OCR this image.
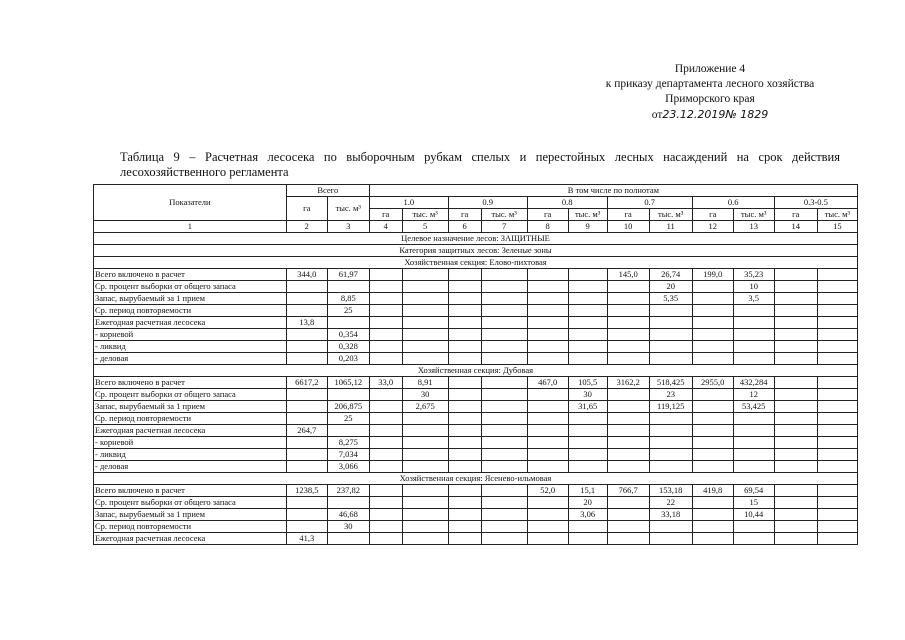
Приложение 4
к приказу департамента лесного хозяйства
Приморского края
от23.12.2019№ 1829
Таблица 9 – Расчетная лесосека по выборочным рубкам спелых и перестойных лесных насаждений на срок действия лесохозяйственного регламента
Показатели	Всего		В том числе по полнотам											
	га	тыс. м³	1.0		0.9		0.8		0.7		0.6		0.3-0.5	
			га	тыс. м³	га	тыс. м³	га	тыс. м³	га	тыс. м³	га	тыс. м³	га	тыс. м³
1	2	3	4	5	6	7	8	9	10	11	12	13	14	15
Целевое назначение лесов: ЗАЩИТНЫЕ														
Категория защитных лесов: Зеленые зоны														
Хозяйственная секция: Елово-пихтовая														
Всего включено в расчет	344,0	61,97							145,0	26,74	199,0	35,23		
Ср. процент выборки от общего запаса										20		10		
Запас, вырубаемый за 1 прием		8,85								5,35		3,5		
Ср. период повторяемости		25												
Ежегодная расчетная лесосека	13,8													
- корневой		0,354												
- ликвид		0,328												
- деловая		0,203												
Хозяйственная секция: Дубовая														
Всего включено в расчет	6617,2	1065,12	33,0	8,91			467,0	105,5	3162,2	518,425	2955,0	432,284		
Ср. процент выборки от общего запаса				30				30		23		12		
Запас, вырубаемый за 1 прием		206,875		2,675				31,65		119,125		53,425		
Ср. период повторяемости		25												
Ежегодная расчетная лесосека	264,7													
- корневой		8,275												
- ликвид		7,034												
- деловая		3,066												
Хозяйственная секция: Ясеневo-ильмовая														
Всего включено в расчет	1238,5	237,82					52,0	15,1	766,7	153,18	419,8	69,54		
Ср. процент выборки от общего запаса								20		22		15		
Запас, вырубаемый за 1 прием		46,68						3,06		33,18		10,44		
Ср. период повторяемости		30												
Ежегодная расчетная лесосека	41,3													
